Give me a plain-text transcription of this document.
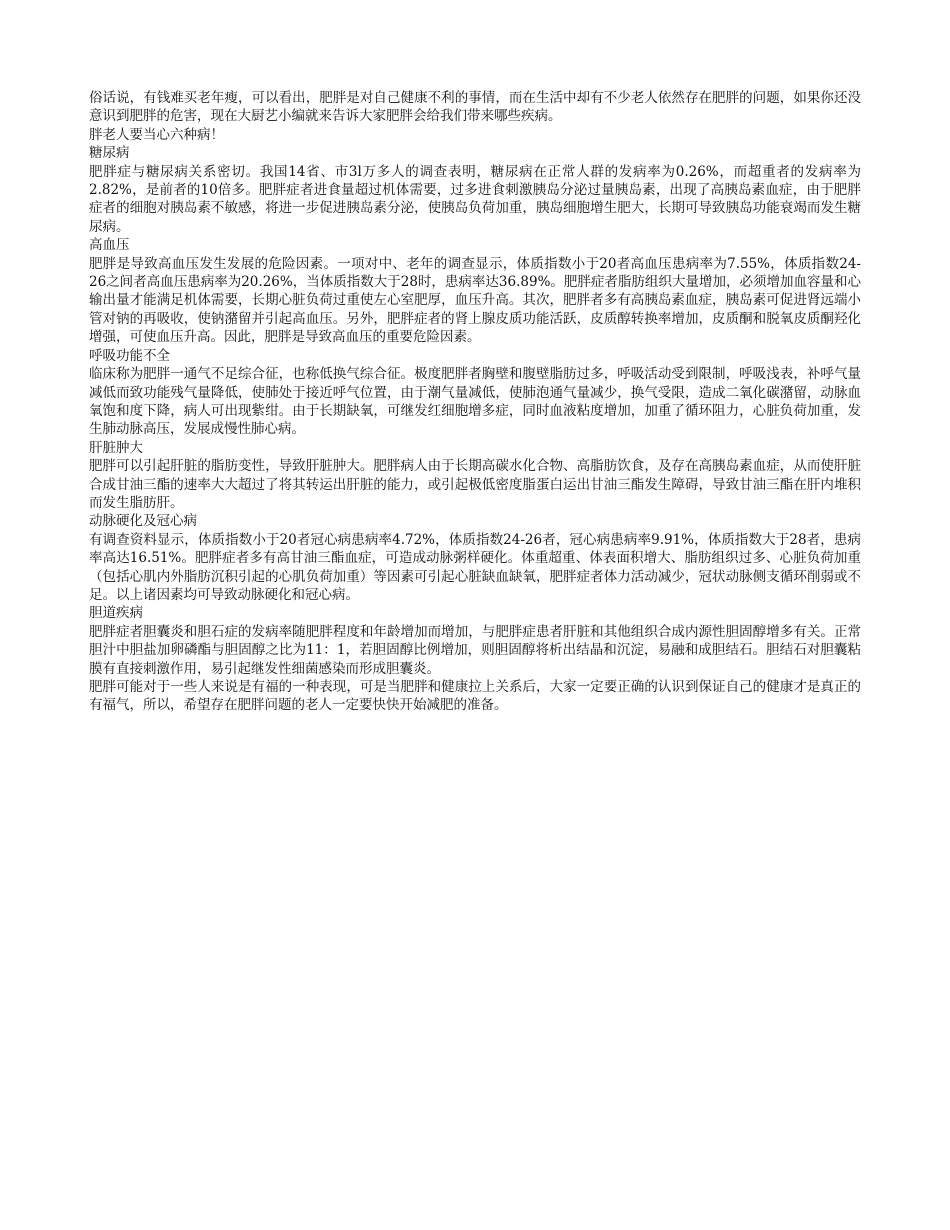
俗话说，有钱难买老年瘦，可以看出，肥胖是对自己健康不利的事情，而在生活中却有不少老人依然存在肥胖的问题，如果你还没意识到肥胖的危害，现在大厨艺小编就来告诉大家肥胖会给我们带来哪些疾病。

胖老人要当心六种病！
糖尿病

肥胖症与糖尿病关系密切。我国14省、市3l万多人的调查表明，糖尿病在正常人群的发病率为0.26%，而超重者的发病率为2.82%，是前者的10倍多。肥胖症者进食量超过机体需要，过多进食刺激胰岛分泌过量胰岛素，出现了高胰岛素血症，由于肥胖症者的细胞对胰岛素不敏感，将进一步促进胰岛素分泌，使胰岛负荷加重，胰岛细胞增生肥大，长期可导致胰岛功能衰竭而发生糖尿病。

高血压

肥胖是导致高血压发生发展的危险因素。一项对中、老年的调查显示，体质指数小于20者高血压患病率为7.55%，体质指数24-26之间者高血压患病率为20.26%，当体质指数大于28时，患病率达36.89%。肥胖症者脂肪组织大量增加，必须增加血容量和心输出量才能满足机体需要，长期心脏负荷过重使左心室肥厚，血压升高。其次，肥胖者多有高胰岛素血症，胰岛素可促进肾远端小管对钠的再吸收，使钠潴留并引起高血压。另外，肥胖症者的肾上腺皮质功能活跃，皮质醇转换率增加，皮质酮和脱氧皮质酮羟化增强，可使血压升高。因此，肥胖是导致高血压的重要危险因素。

呼吸功能不全

临床称为肥胖一通气不足综合征，也称低换气综合征。极度肥胖者胸壁和腹壁脂肪过多，呼吸活动受到限制，呼吸浅表，补呼气量减低而致功能残气量降低，使肺处于接近呼气位置，由于潮气量减低，使肺泡通气量减少，换气受限，造成二氧化碳潴留，动脉血氧饱和度下降，病人可出现紫绀。由于长期缺氧，可继发红细胞增多症，同时血液粘度增加，加重了循环阻力，心脏负荷加重，发生肺动脉高压，发展成慢性肺心病。

肝脏肿大

肥胖可以引起肝脏的脂肪变性，导致肝脏肿大。肥胖病人由于长期高碳水化合物、高脂肪饮食，及存在高胰岛素血症，从而使肝脏合成甘油三酯的速率大大超过了将其转运出肝脏的能力，或引起极低密度脂蛋白运出甘油三酯发生障碍，导致甘油三酯在肝内堆积而发生脂肪肝。

动脉硬化及冠心病

有调查资料显示，体质指数小于20者冠心病患病率4.72%，体质指数24-26者，冠心病患病率9.91%，体质指数大于28者，患病率高达16.51%。肥胖症者多有高甘油三酯血症，可造成动脉粥样硬化。体重超重、体表面积增大、脂肪组织过多、心脏负荷加重（包括心肌内外脂肪沉积引起的心肌负荷加重）等因素可引起心脏缺血缺氧，肥胖症者体力活动减少，冠状动脉侧支循环削弱或不足。以上诸因素均可导致动脉硬化和冠心病。

胆道疾病

肥胖症者胆囊炎和胆石症的发病率随肥胖程度和年龄增加而增加，与肥胖症患者肝脏和其他组织合成内源性胆固醇增多有关。正常胆汁中胆盐加卵磷酯与胆固醇之比为11：1，若胆固醇比例增加，则胆固醇将析出结晶和沉淀，易融和成胆结石。胆结石对胆囊粘膜有直接刺激作用，易引起继发性细菌感染而形成胆囊炎。

肥胖可能对于一些人来说是有福的一种表现，可是当肥胖和健康拉上关系后，大家一定要正确的认识到保证自己的健康才是真正的有福气，所以，希望存在肥胖问题的老人一定要快快开始减肥的准备。
